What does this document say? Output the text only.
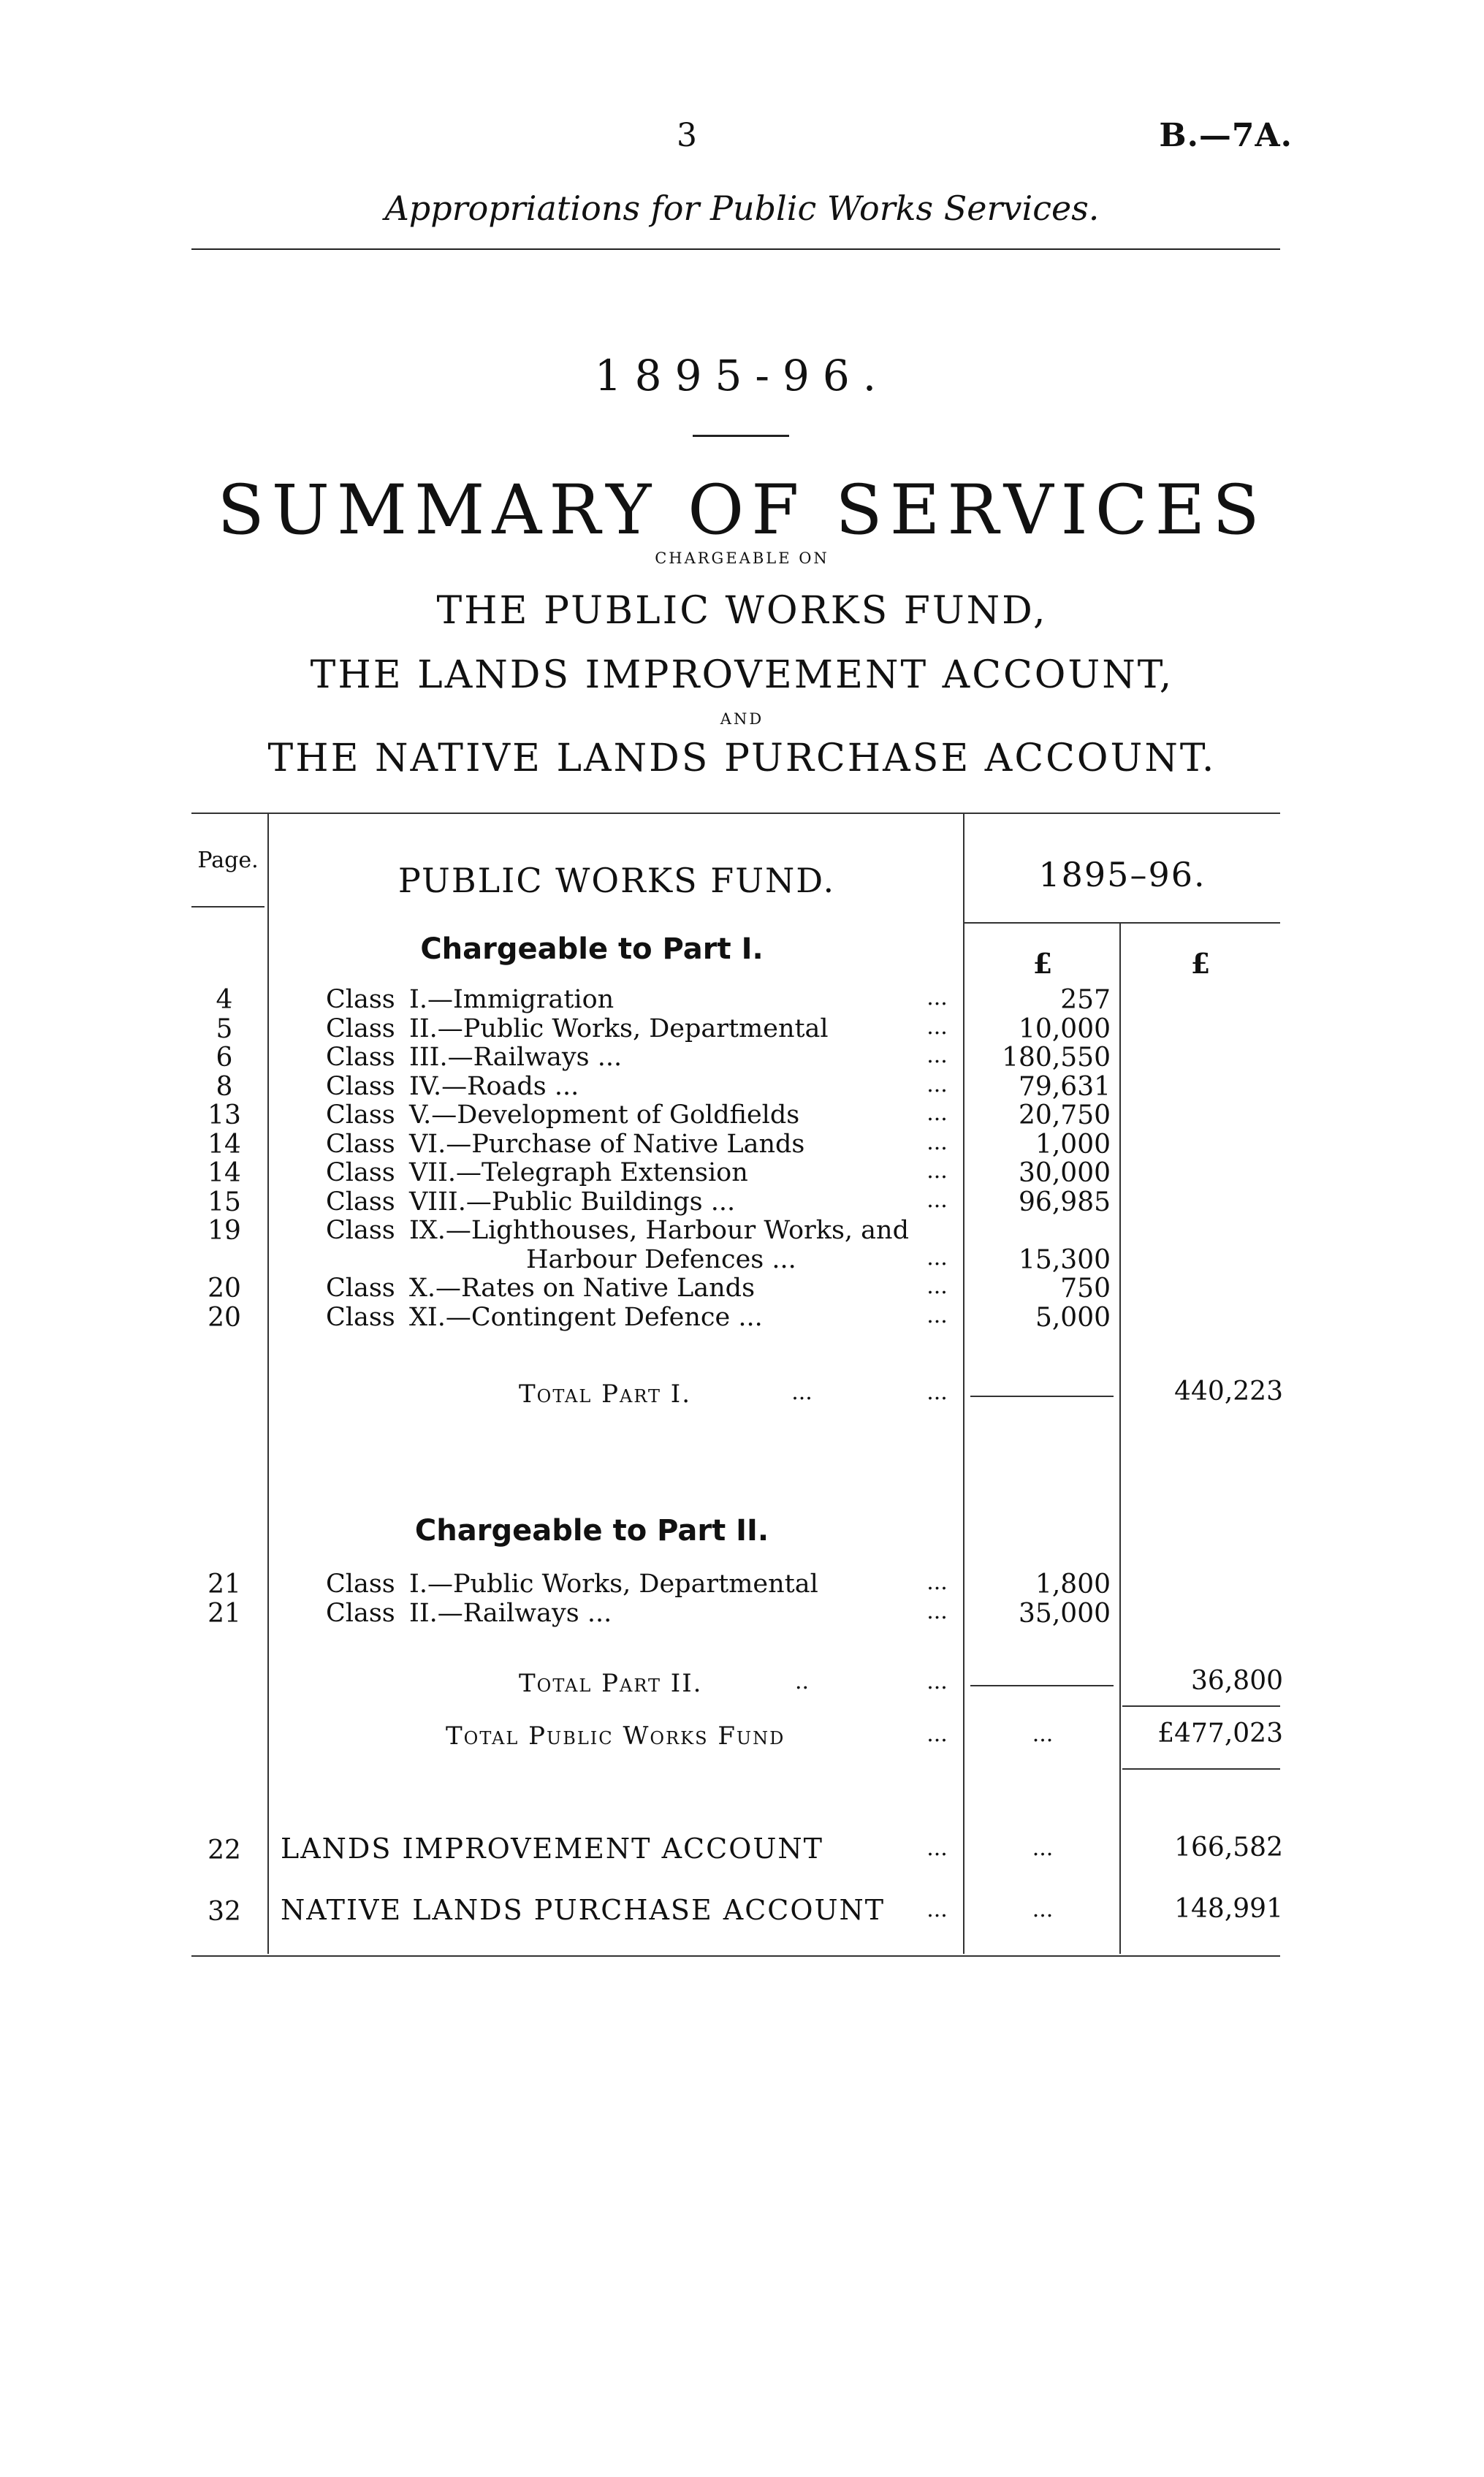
3	B.—7A.
Appropriations for Public Works Services.
1895-96.
SUMMARY OF SERVICES
CHARGEABLE ON
THE PUBLIC WORKS FUND,
THE LANDS IMPROVEMENT ACCOUNT,
AND
THE NATIVE LANDS PURCHASE ACCOUNT.
Page.
PUBLIC WORKS FUND.	1895–96.
£	£
Chargeable to Part I.
4	Class I.—Immigration	...	257
5	Class II.—Public Works, Departmental	...	10,000
6	Class III.—Railways ...	...	180,550
8	Class IV.—Roads ...	...	79,631
13	Class V.—Development of Goldfields	...	20,750
14	Class VI.—Purchase of Native Lands	...	1,000
14	Class VII.—Telegraph Extension	...	30,000
15	Class VIII.—Public Buildings ...	...	96,985
19	Class IX.—Lighthouses, Harbour Works, and
Harbour Defences ...	...	15,300
20	Class X.—Rates on Native Lands	...	750
20	Class XI.—Contingent Defence ...	...	5,000
Total Part I.	...	...	440,223
Chargeable to Part II.
21	Class I.—Public Works, Departmental	...	1,800
21	Class II.—Railways ...	...	35,000
Total Part II.	..	...	36,800
Total Public Works Fund	...	...	£477,023
22	LANDS IMPROVEMENT ACCOUNT	...	...	166,582
32	NATIVE LANDS PURCHASE ACCOUNT	...	...	148,991
